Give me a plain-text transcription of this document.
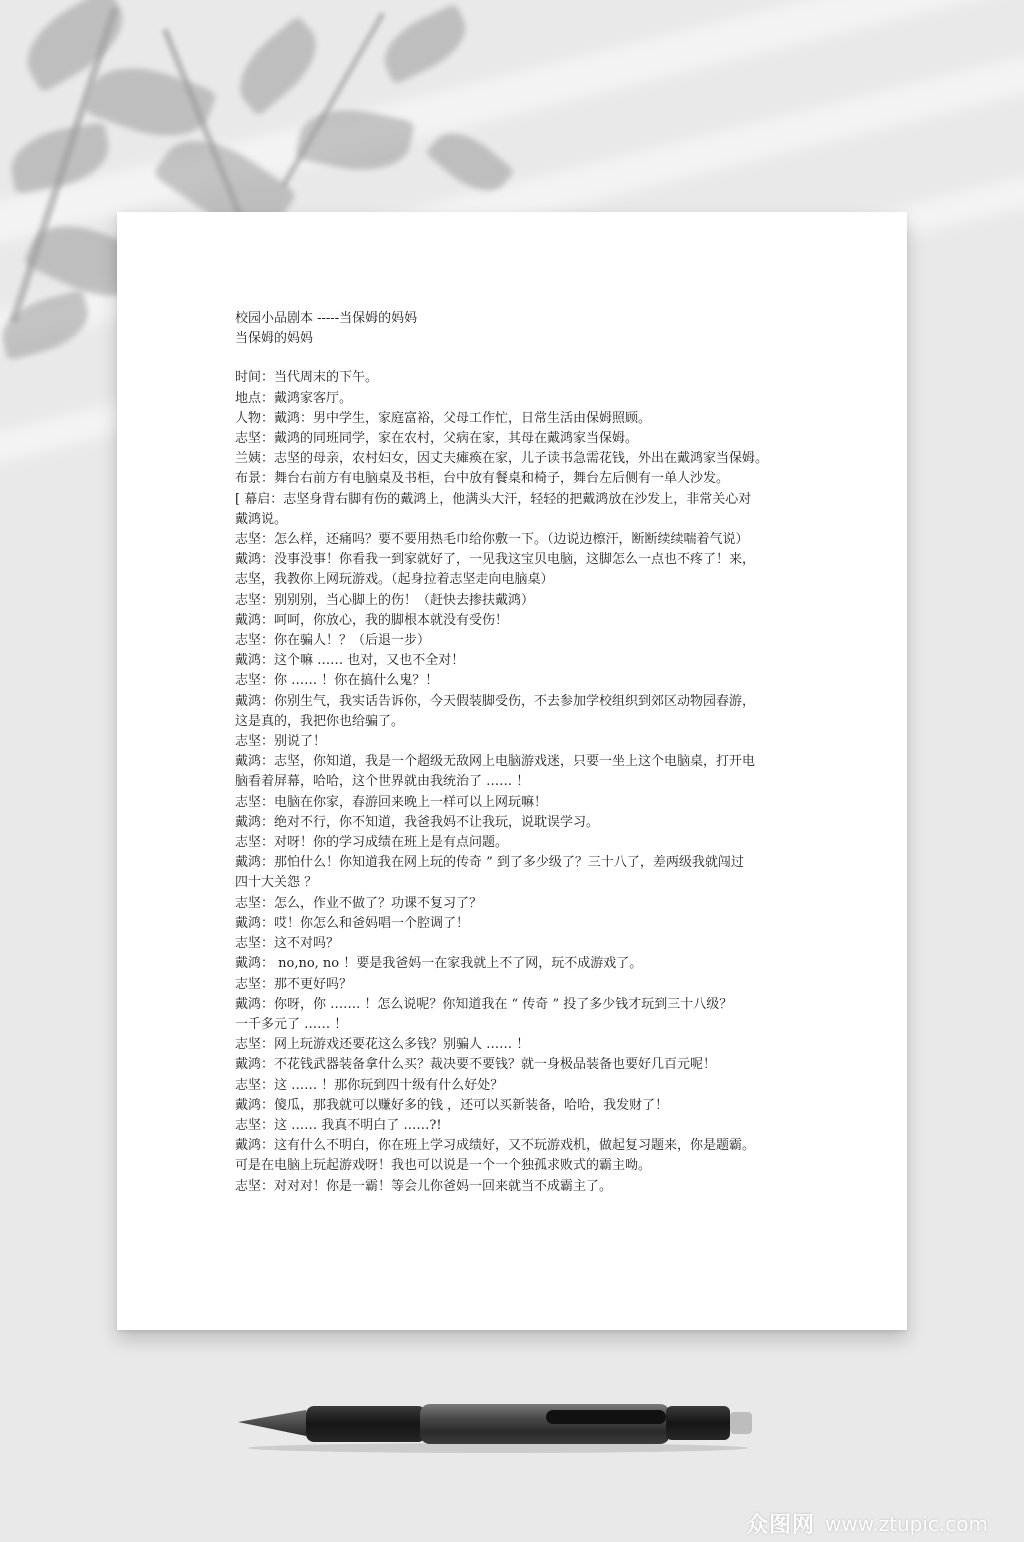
校园小品剧本 -----当保姆的妈妈
当保姆的妈妈
时间：当代周末的下午。
地点：戴鸿家客厅。
人物：戴鸿：男中学生，家庭富裕，父母工作忙，日常生活由保姆照顾。
志坚：戴鸿的同班同学，家在农村，父病在家，其母在戴鸿家当保姆。
兰姨：志坚的母亲，农村妇女，因丈夫瘫痪在家，儿子读书急需花钱，外出在戴鸿家当保姆。
布景：舞台右前方有电脑桌及书柜，台中放有餐桌和椅子，舞台左后侧有一单人沙发。
[ 幕启：志坚身背右脚有伤的戴鸿上，他满头大汗，轻轻的把戴鸿放在沙发上，非常关心对
戴鸿说。
志坚：怎么样，还痛吗？要不要用热毛巾给你敷一下。（边说边檫汗，断断续续喘着气说）
戴鸿：没事没事！你看我一到家就好了，一见我这宝贝电脑，这脚怎么一点也不疼了！来，
志坚，我教你上网玩游戏。（起身拉着志坚走向电脑桌）
志坚：别别别，当心脚上的伤！（赶快去掺扶戴鸿）
戴鸿：呵呵，你放心，我的脚根本就没有受伤！
志坚：你在骗人！？（后退一步）
戴鸿：这个嘛 …… 也对，又也不全对！
志坚：你 …… ！你在搞什么鬼？！
戴鸿：你别生气，我实话告诉你，今天假装脚受伤，不去参加学校组织到郊区动物园春游，
这是真的，我把你也给骗了。
志坚：别说了！
戴鸿：志坚，你知道，我是一个超级无敌网上电脑游戏迷，只要一坐上这个电脑桌，打开电
脑看着屏幕，哈哈，这个世界就由我统治了 …… ！
志坚：电脑在你家，春游回来晚上一样可以上网玩嘛！
戴鸿：绝对不行，你不知道，我爸我妈不让我玩，说耽误学习。
志坚：对呀！你的学习成绩在班上是有点问题。
戴鸿：那怕什么！你知道我在网上玩的传奇 ” 到了多少级了？三十八了，差两级我就闯过
四十大关怨 ？
志坚：怎么，作业不做了？功课不复习了？
戴鸿：哎！你怎么和爸妈唱一个腔调了！
志坚：这不对吗？
戴鸿： no,no, no ！要是我爸妈一在家我就上不了网，玩不成游戏了。
志坚：那不更好吗？
戴鸿：你呀，你 ……. ！怎么说呢？你知道我在 “ 传奇 ” 投了多少钱才玩到三十八级？
一千多元了 …… ！
志坚：网上玩游戏还要花这么多钱？别骗人 …… ！
戴鸿：不花钱武器装备拿什么买？裁决要不要钱？就一身极品装备也要好几百元呢！
志坚：这 …… ！那你玩到四十级有什么好处？
戴鸿：傻瓜，那我就可以赚好多的钱 ，还可以买新装备，哈哈，我发财了！
志坚：这 …… 我真不明白了 ……?!
戴鸿：这有什么不明白，你在班上学习成绩好，又不玩游戏机，做起复习题来，你是题霸。
可是在电脑上玩起游戏呀！我也可以说是一个一个独孤求败式的霸主呦。
志坚：对对对！你是一霸！等会儿你爸妈一回来就当不成霸主了。
众图网 www.ztupic.com
